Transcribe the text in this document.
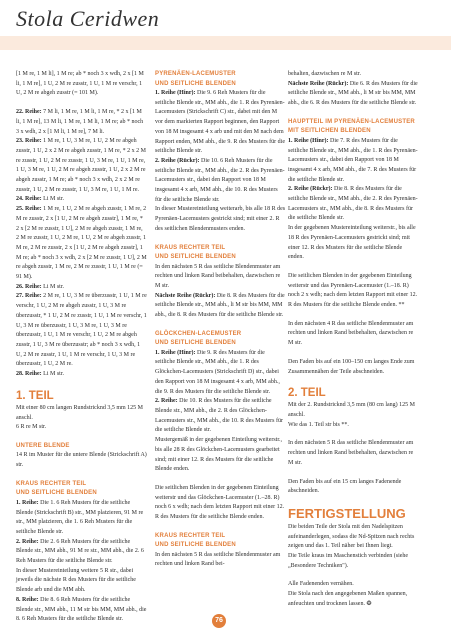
Stola Ceridwen

[1 M re, 1 M li], 1 M re; ab * noch 3 x wdh, 2 x [1 M li, 1 M re], 1 U, 2 M re zusstr, 1 U, 1 M re verschr, 1 U, 2 M re abgeh zusstr (= 101 M).

22. Reihe: 7 M li, 1 M re, 1 M li, 1 M re, * 2 x [1 M li, 1 M re], 13 M li, 1 M re, 1 M li, 1 M re; ab * noch 3 x wdh, 2 x [1 M li, 1 M re], 7 M li.
23. Reihe: 1 M re, 1 U, 3 M re, 1 U, 2 M re abgeh zusstr, 1 U, 2 x 2 M re abgeh zusstr, 1 M re, * 2 x 2 M re zusstr, 1 U, 2 M re zusstr, 1 U, 3 M re, 1 U, 1 M re, 1 U, 3 M re, 1 U, 2 M re abgeh zusstr, 1 U, 2 x 2 M re abgeh zusstr, 1 M re; ab * noch 3 x wdh, 2 x 2 M re zusstr, 1 U, 2 M re zusstr, 1 U, 3 M re, 1 U, 1 M re.
24. Reihe: Li M str.
25. Reihe: 1 M re, 1 U, 2 M re abgeh zusstr, 1 M re, 2 M re zusstr, 2 x [1 U, 2 M re abgeh zusstr], 1 M re, * 2 x [2 M re zusstr, 1 U], 2 M re abgeh zusstr, 1 M re, 2 M re zusstr, 1 U, 2 M re, 1 U, 2 M re abgeh zusstr, 1 M re, 2 M re zusstr, 2 x [1 U, 2 M re abgeh zusstr], 1 M re; ab * noch 3 x wdh, 2 x [2 M re zusstr, 1 U], 2 M re abgeh zusstr, 1 M re, 2 M re zusstr, 1 U, 1 M re (= 91 M).
26. Reihe: Li M str.
27. Reihe: 2 M re, 1 U, 3 M re überzusstr, 1 U, 1 M re verschr, 1 U, 2 M re abgeh zusstr, 1 U, 3 M re überzusstr, * 1 U, 2 M re zusstr, 1 U, 1 M re verschr, 1 U, 3 M re überzusstr, 1 U, 3 M re, 1 U, 3 M re überzusstr, 1 U, 1 M re verschr, 1 U, 2 M re abgeh zusstr, 1 U, 3 M re überzusstr; ab * noch 3 x wdh, 1 U, 2 M re zusstr, 1 U, 1 M re verschr, 1 U, 3 M re überzusstr, 1 U, 2 M re.
28. Reihe: Li M str.
1. TEIL

Mit einer 80 cm langen Rundstricknd 3,5 mm 125 M anschl.

6 R re M str.

UNTERE BLENDE

14 R im Muster für die untere Blende (Strickschrift A) str.

KRAUS RECHTER TEIL
UND SEITLICHE BLENDEN

1. Reihe: Die 1. 6 Reh Musters für die seitliche Blende (Strickschrift B) str., MM platzieren, 91 M re str., MM platzieren, die 1. 6 Reh Musters für die seitliche Blende str.

2. Reihe: Die 2. 6 Reh Musters für die seitliche Blende str., MM abh., 91 M re str., MM abh., die 2. 6 Reh Musters für die seitliche Blende str.

In dieser Mustereinteilung weitere 5 R str., dabei jeweils die nächste R des Musters für die seitliche Blende arb und die MM abh.

8. Reihe: Die 8. 6 Reh Musters für die seitliche Blende str., MM abh., 11 M str bis MM, MM abh., die 8. 6 Reh Musters für die seitliche Blende str.

PYRENÄEN-LACEMUSTER
UND SEITLICHE BLENDEN

1. Reihe (Hinr): Die 9. 6 Reh Musters für die seitliche Blende str., MM abh., die 1. R des Pyrenäen-Lacemusters (Strickschrift C) str., dabei mit den M vor dem markierten Rapport beginnen, den Rapport von 18 M insgesamt 4 x arb und mit den M nach dem Rapport enden, MM abh., die 9. R des Musters für die seitliche Blende str.

2. Reihe (Rückr): Die 10. 6 Reh Musters für die seitliche Blende str., MM abh., die 2. R des Pyrenäen-Lacemusters str., dabei den Rapport von 18 M insgesamt 4 x arb, MM abh., die 10. R des Musters für die seitliche Blende str.

In dieser Mustereinteilung weiterarb, bis alle 18 R des Pyrenäen-Lacemusters gestrickt sind; mit einer 2. R des seitlichen Blendenmusters enden.

KRAUS RECHTER TEIL
UND SEITLICHE BLENDEN

In den nächsten 5 R das seitliche Blendenmuster am rechten und linken Rand beibehalten, dazwischen re M str.

Nächste Reihe (Rückr): Die 8. R des Musters für die seitliche Blende str., MM abh., li M str bis MM, MM abh., die 8. R des Musters für die seitliche Blende str.

GLÖCKCHEN-LACEMUSTER
UND SEITLICHE BLENDEN

1. Reihe (Hinr): Die 9. R des Musters für die seitliche Blende str., MM abh., die 1. R des Glöckchen-Lacemusters (Strickschrift D) str., dabei den Rapport von 18 M insgesamt 4 x arb, MM abh., die 9. R des Musters für die seitliche Blende str.

2. Reihe: Die 10. R des Musters für die seitliche Blende str., MM abh., die 2. R des Glöckchen-Lacemusters str., MM abh., die 10. R des Musters für die seitliche Blende str.

Mustergemäß in der gegebenen Einteilung weiterstr., bis alle 28 R des Glöckchen-Lacemusters gearbeitet sind; mit einer 12. R des Musters für die seitliche Blende enden.

Die seitlichen Blenden in der gegebenen Einteilung weiterstr und das Glöckchen-Lacemuster (1.–28. R) noch 6 x wdh; nach dem letzten Rapport mit einer 12. R des Musters für die seitliche Blende enden.

KRAUS RECHTER TEIL
UND SEITLICHE BLENDEN

In den nächsten 5 R das seitliche Blendenmuster am rechten und linken Rand bei-

behalten, dazwischen re M str.

Nächste Reihe (Rückr): Die 6. R des Musters für die seitliche Blende str., MM abh., li M str bis MM, MM abh., die 6. R des Musters für die seitliche Blende str.

HAUPTTEIL IM PYRENÄEN-LACEMUSTER
MIT SEITLICHEN BLENDEN

1. Reihe (Hinr): Die 7. R des Musters für die seitliche Blende str., MM abh., die 1. R des Pyrenäen-Lacemusters str., dabei den Rapport von 18 M insgesamt 4 x arb, MM abh., die 7. R des Musters für die seitliche Blende str.

2. Reihe (Rückr): Die 8. R des Musters für die seitliche Blende str., MM abh., die 2. R des Pyrenäen-Lacemusters str., MM abh., die 8. R des Musters für die seitliche Blende str.

In der gegebenen Mustereinteilung weiterstr., bis alle 18 R des Pyrenäen-Lacemusters gestrickt sind; mit einer 12. R des Musters für die seitliche Blende enden.

Die seitlichen Blenden in der gegebenen Einteilung weiterstr und das Pyrenäen-Lacemuster (1.–18. R) noch 2 x wdh; nach dem letzten Rapport mit einer 12. R des Musters für die seitliche Blende enden. **

In den nächsten 4 R das seitliche Blendenmuster am rechten und linken Rand beibehalten, dazwischen re M str.

Den Faden bis auf ein 100–150 cm langes Ende zum Zusammennähen der Teile abschneiden.

2. TEIL

Mit der 2. Rundstricknd 3,5 mm (80 cm lang) 125 M anschl.

Wie das 1. Teil str bis **.

In den nächsten 5 R das seitliche Blendenmuster am rechten und linken Rand beibehalten, dazwischen re M str.

Den Faden bis auf ein 15 cm langes Fadenende abschneiden.

FERTIGSTELLUNG

Die beiden Teile der Stola mit den Nadelspitzen aufeinanderlegen, sodass die Nd-Spitzen nach rechts zeigen und das 1. Teil näher bei Ihnen liegt.

Die Teile kraus im Maschenstich verbinden (siehe „Besondere Techniken").

Alle Fadenenden vernähen.

Die Stola nach den angegebenen Maßen spannen, anfeuchten und trocknen lassen. ❂

76
